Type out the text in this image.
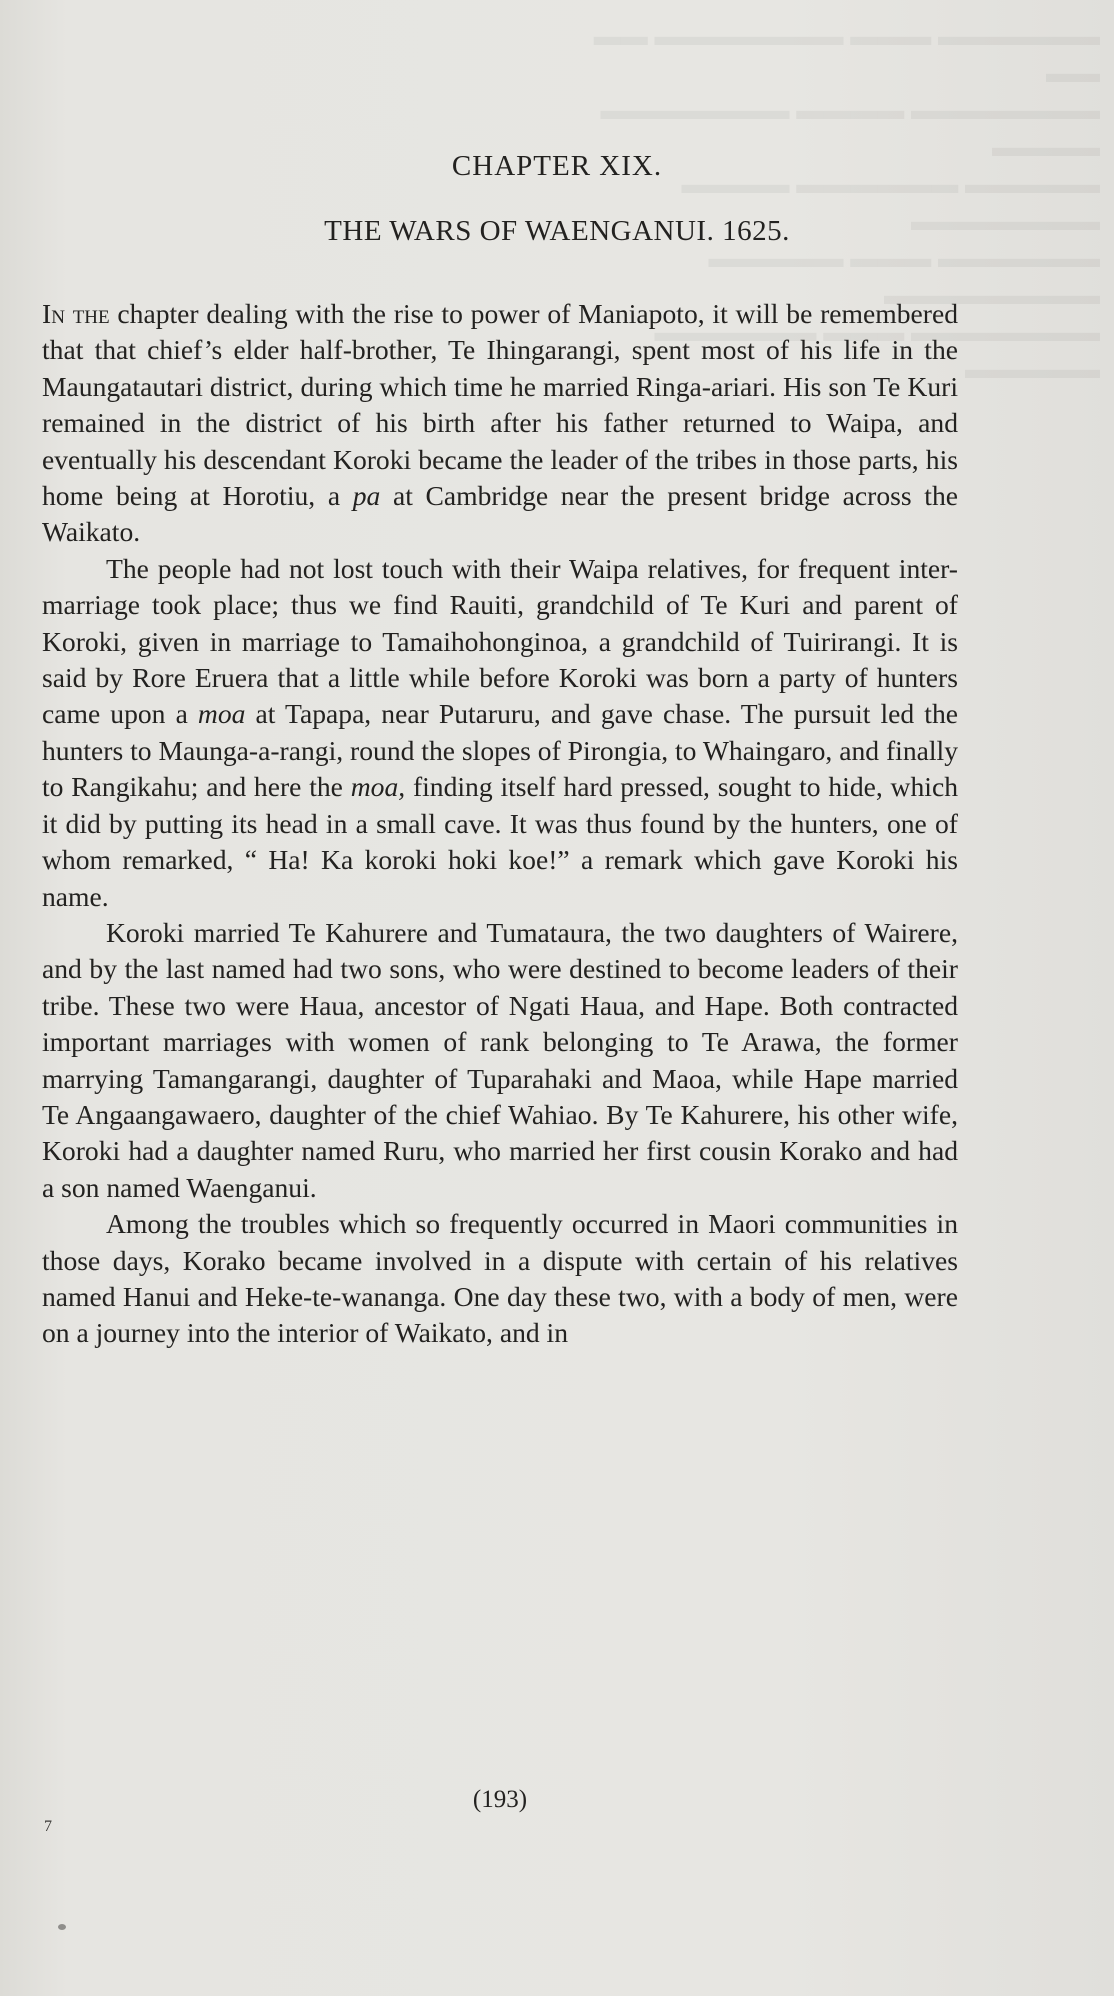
▬▬▬▬▬▬ ▬▬▬ ▬▬▬▬▬▬▬ ▬▬ ▬▬
▬▬▬▬▬▬▬ ▬▬▬▬ ▬▬▬▬▬▬▬ ▬▬▬▬
▬▬▬▬▬ ▬▬▬▬▬▬ ▬▬▬▬ ▬▬▬▬▬▬▬
▬▬▬▬▬▬ ▬▬▬ ▬▬▬▬▬ ▬▬▬▬▬▬▬▬
▬▬▬▬▬▬▬ ▬▬▬ ▬▬▬▬▬▬ ▬▬▬▬▬
CHAPTER XIX.
THE WARS OF WAENGANUI. 1625.

In the chapter dealing with the rise to power of Maniapoto, it will be remembered that that chief’s elder half-brother, Te Ihingarangi, spent most of his life in the Maungatautari district, during which time he married Ringa-ariari. His son Te Kuri remained in the district of his birth after his father returned to Waipa, and eventually his descendant Koroki became the leader of the tribes in those parts, his home being at Horotiu, a pa at Cambridge near the present bridge across the Waikato.

The people had not lost touch with their Waipa relatives, for frequent inter-marriage took place; thus we find Rauiti, grandchild of Te Kuri and parent of Koroki, given in marriage to Tamaihohonginoa, a grandchild of Tuirirangi. It is said by Rore Eruera that a little while before Koroki was born a party of hunters came upon a moa at Tapapa, near Putaruru, and gave chase. The pursuit led the hunters to Maunga-a-rangi, round the slopes of Pirongia, to Whaingaro, and finally to Rangikahu; and here the moa, finding itself hard pressed, sought to hide, which it did by putting its head in a small cave. It was thus found by the hunters, one of whom remarked, “ Ha! Ka koroki hoki koe!” a remark which gave Koroki his name.

Koroki married Te Kahurere and Tumataura, the two daughters of Wairere, and by the last named had two sons, who were destined to become leaders of their tribe. These two were Haua, ancestor of Ngati Haua, and Hape. Both contracted important marriages with women of rank belonging to Te Arawa, the former marrying Tamangarangi, daughter of Tuparahaki and Maoa, while Hape married Te Angaangawaero, daughter of the chief Wahiao. By Te Kahurere, his other wife, Koroki had a daughter named Ruru, who married her first cousin Korako and had a son named Waenganui.

Among the troubles which so frequently occurred in Maori communities in those days, Korako became involved in a dispute with certain of his relatives named Hanui and Heke-te-wananga. One day these two, with a body of men, were on a journey into the interior of Waikato, and in

(193)
7
